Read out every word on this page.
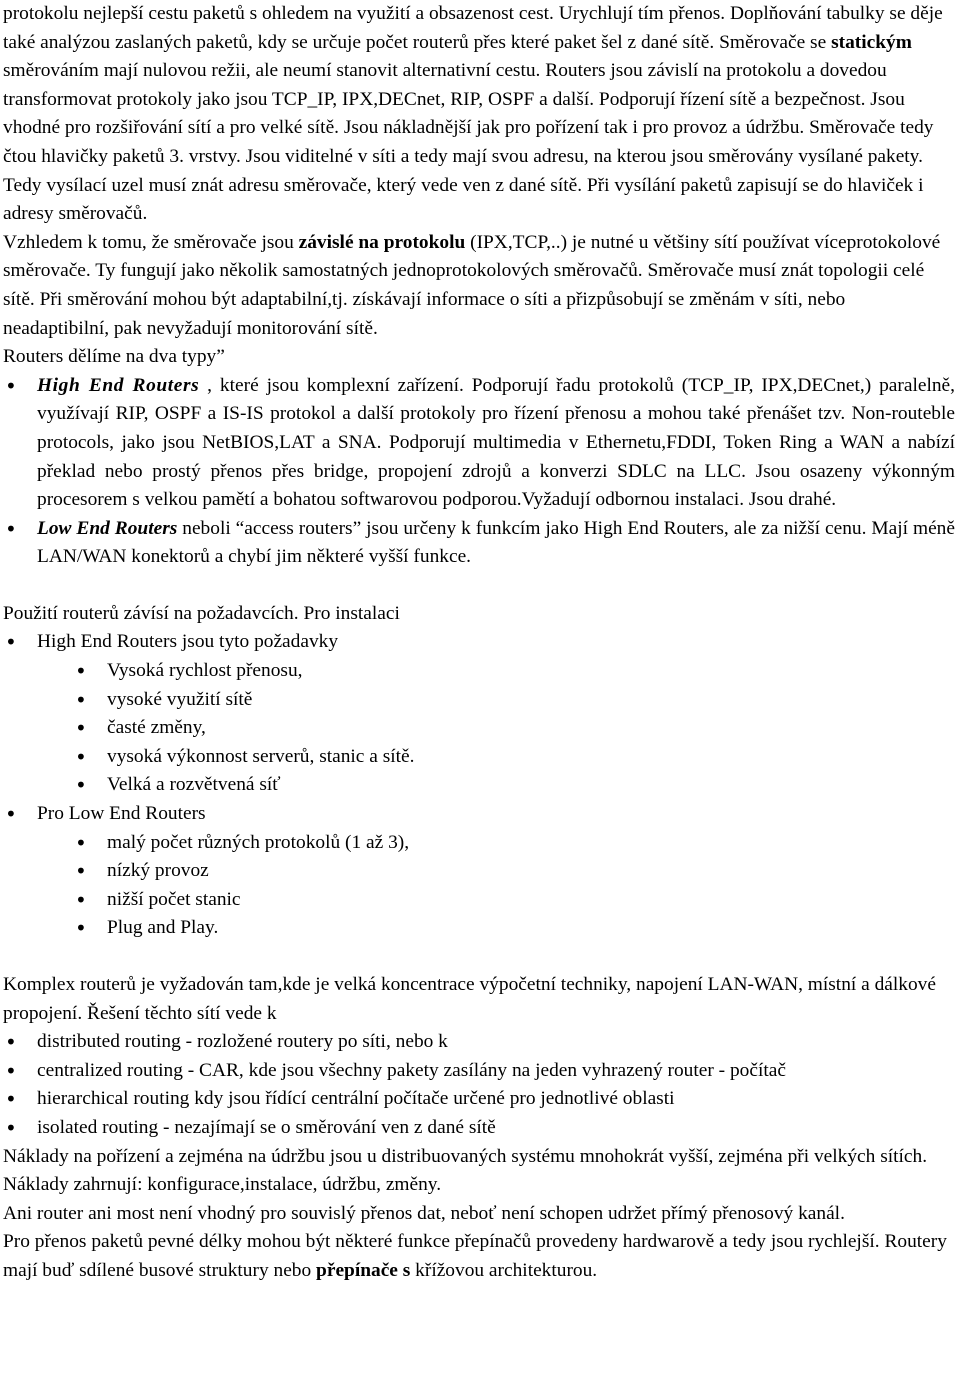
protokolu nejlepší cestu paketů s ohledem na využití a obsazenost cest. Urychlují tím přenos. Doplňování tabulky se děje také analýzou zaslaných paketů, kdy se určuje počet routerů přes které paket šel z dané sítě. Směrovače se statickým směrováním mají nulovou režii, ale neumí stanovit alternativní cestu. Routers jsou závislí na protokolu a dovedou transformovat protokoly jako jsou TCP_IP, IPX,DECnet, RIP, OSPF a další. Podporují řízení sítě a bezpečnost. Jsou vhodné pro rozšiřování sítí a pro velké sítě. Jsou nákladnější jak pro pořízení tak i pro provoz a údržbu. Směrovače tedy čtou hlavičky paketů 3. vrstvy. Jsou viditelné v síti a tedy mají svou adresu, na kterou jsou směrovány vysílané pakety. Tedy vysílací uzel musí znát adresu směrovače, který vede ven z dané sítě. Při vysílání paketů zapisují se do hlaviček i adresy směrovačů.

Vzhledem k tomu, že směrovače jsou závislé na protokolu (IPX,TCP,..) je nutné u většiny sítí používat víceprotokolové směrovače. Ty fungují jako několik samostatných jednoprotokolových směrovačů. Směrovače musí znát topologii celé sítě. Při směrování mohou být adaptabilní,tj. získávají informace o síti a přizpůsobují se změnám v síti, nebo neadaptibilní, pak nevyžadují monitorování sítě.

Routers dělíme na dva typy”

• High End Routers , které jsou komplexní zařízení. Podporují řadu protokolů (TCP_IP, IPX,DECnet,) paralelně, využívají RIP, OSPF a IS-IS protokol a další protokoly pro řízení přenosu a mohou také přenášet tzv. Non-routeble protocols, jako jsou NetBIOS,LAT a SNA. Podporují multimedia v Ethernetu,FDDI, Token Ring a WAN a nabízí překlad nebo prostý přenos přes bridge, propojení zdrojů a konverzi SDLC na LLC. Jsou osazeny výkonným procesorem s velkou pamětí a bohatou softwarovou podporou.Vyžadují odbornou instalaci. Jsou drahé.
• Low End Routers neboli “access routers” jsou určeny k funkcím jako High End Routers, ale za nižší cenu. Mají méně LAN/WAN konektorů a chybí jim některé vyšší funkce.

Použití routerů závísí na požadavcích. Pro instalaci

• High End Routers jsou tyto požadavky
• Vysoká rychlost přenosu,
• vysoké využití sítě
• časté změny,
• vysoká výkonnost serverů, stanic a sítě.
• Velká a rozvětvená síť
• Pro Low End Routers
• malý počet různých protokolů (1 až 3),
• nízký provoz
• nižší počet stanic
• Plug and Play.

Komplex routerů je vyžadován tam,kde je velká koncentrace výpočetní techniky, napojení LAN-WAN, místní a dálkové propojení. Řešení těchto sítí vede k

• distributed routing - rozložené routery po síti, nebo k
• centralized routing - CAR, kde jsou všechny pakety zasílány na jeden vyhrazený router - počítač
• hierarchical routing kdy jsou řídící centrální počítače určené pro jednotlivé oblasti
• isolated routing - nezajímají se o směrování ven z dané sítě

Náklady na pořízení a zejména na údržbu jsou u distribuovaných systému mnohokrát vyšší, zejména při velkých sítích. Náklady zahrnují: konfigurace,instalace, údržbu, změny.

Ani router ani most není vhodný pro souvislý přenos dat, neboť není schopen udržet přímý přenosový kanál.

Pro přenos paketů pevné délky mohou být některé funkce přepínačů provedeny hardwarově a tedy jsou rychlejší. Routery mají buď sdílené busové struktury nebo přepínače s křížovou architekturou.
